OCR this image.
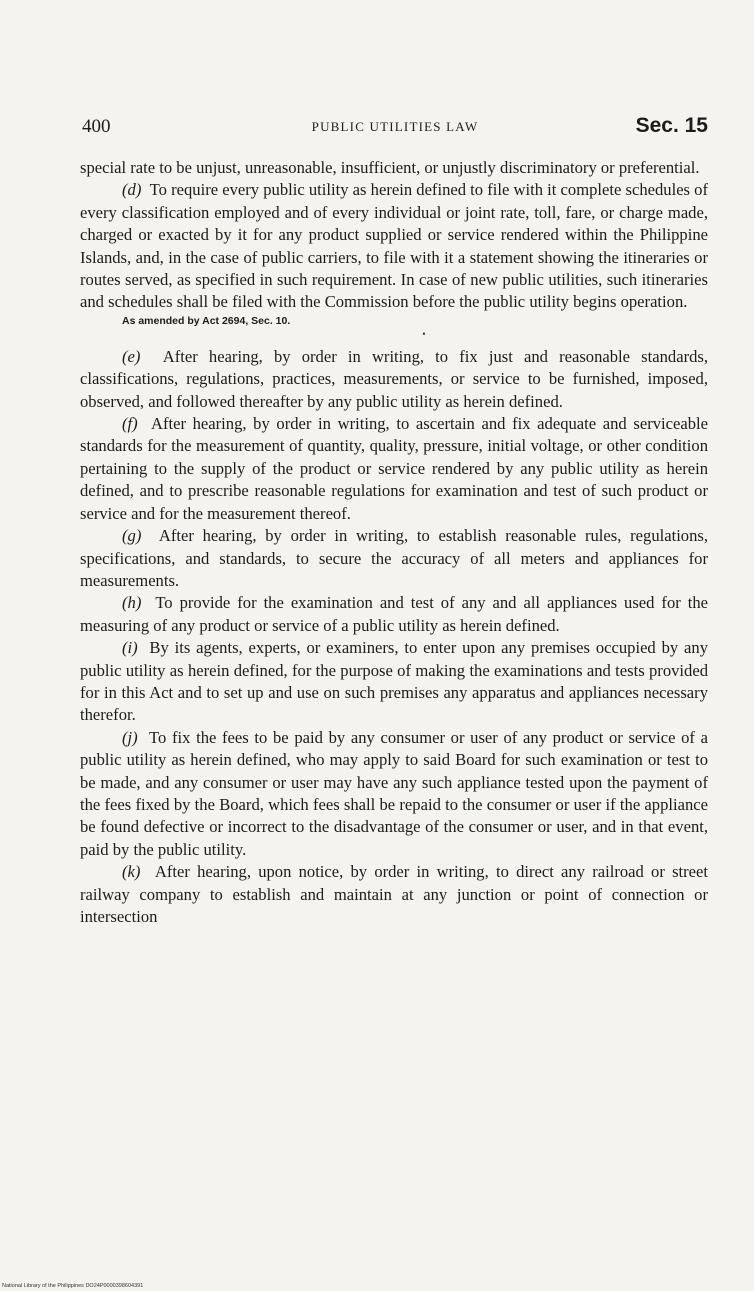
400	PUBLIC UTILITIES LAW	Sec. 15

special rate to be unjust, unreasonable, insufficient, or unjustly discriminatory or preferential.

(d) To require every public utility as herein defined to file with it complete schedules of every classification employed and of every individual or joint rate, toll, fare, or charge made, charged or exacted by it for any product supplied or service rendered within the Philippine Islands, and, in the case of public carriers, to file with it a statement showing the itineraries or routes served, as specified in such requirement. In case of new public utilities, such itineraries and schedules shall be filed with the Commission before the public utility begins operation.

As amended by Act 2694, Sec. 10.

•

(e) After hearing, by order in writing, to fix just and reasonable standards, classifications, regulations, practices, measurements, or service to be furnished, imposed, observed, and followed thereafter by any public utility as herein defined.

(f) After hearing, by order in writing, to ascertain and fix adequate and serviceable standards for the measurement of quantity, quality, pressure, initial voltage, or other condition pertaining to the supply of the product or service rendered by any public utility as herein defined, and to prescribe reasonable regulations for examination and test of such product or service and for the measurement thereof.

(g) After hearing, by order in writing, to establish reasonable rules, regulations, specifications, and standards, to secure the accuracy of all meters and appliances for measurements.

(h) To provide for the examination and test of any and all appliances used for the measuring of any product or service of a public utility as herein defined.

(i) By its agents, experts, or examiners, to enter upon any premises occupied by any public utility as herein defined, for the purpose of making the examinations and tests provided for in this Act and to set up and use on such premises any apparatus and appliances necessary therefor.

(j) To fix the fees to be paid by any consumer or user of any product or service of a public utility as herein defined, who may apply to said Board for such examination or test to be made, and any consumer or user may have any such appliance tested upon the payment of the fees fixed by the Board, which fees shall be repaid to the consumer or user if the appliance be found defective or incorrect to the disadvantage of the consumer or user, and in that event, paid by the public utility.

(k) After hearing, upon notice, by order in writing, to direct any railroad or street railway company to establish and maintain at any junction or point of connection or intersection

National Library of the Philippines DO24P0000398604391
